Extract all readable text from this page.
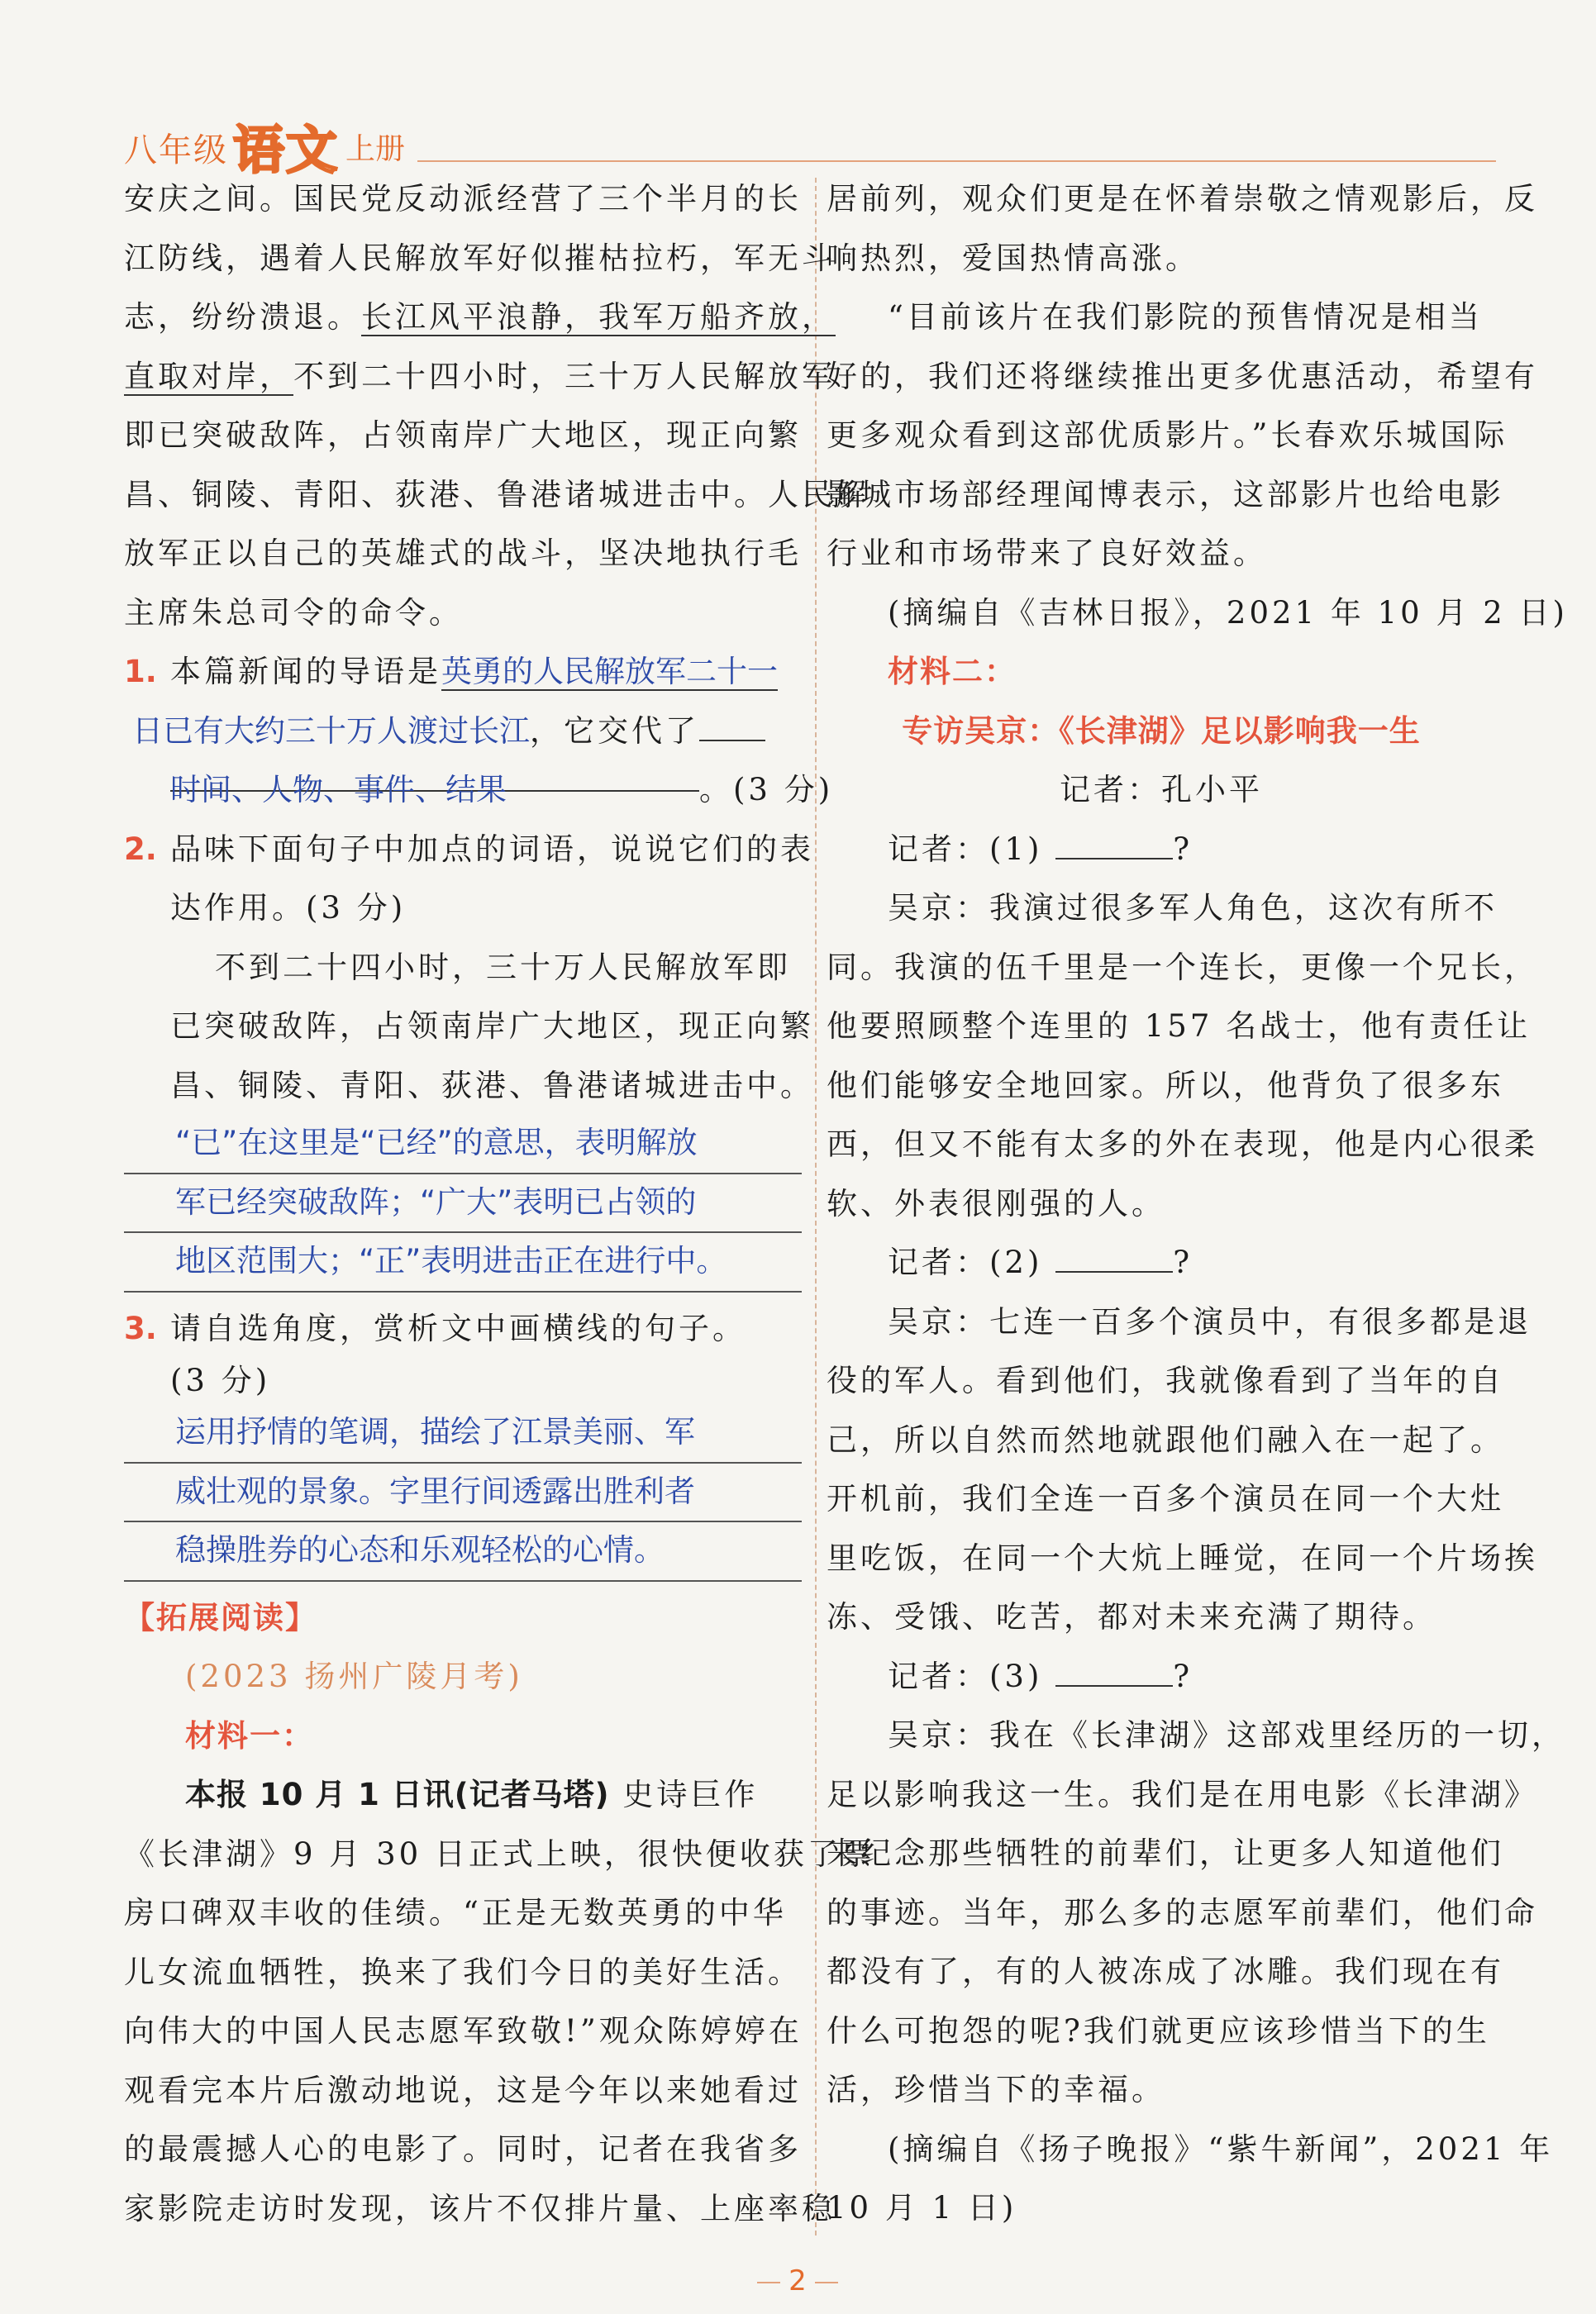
八年级 语文 上册
安庆之间。国民党反动派经营了三个半月的长
江防线，遇着人民解放军好似摧枯拉朽，军无斗
志，纷纷溃退。长江风平浪静，我军万船齐放，
直取对岸，不到二十四小时，三十万人民解放军
即已突破敌阵，占领南岸广大地区，现正向繁
昌、铜陵、青阳、荻港、鲁港诸城进击中。人民解
放军正以自己的英雄式的战斗，坚决地执行毛
主席朱总司令的命令。
1. 本篇新闻的导语是英勇的人民解放军二十一
日已有大约三十万人渡过长江，它交代了
时间、人物、事件、结果	。(3 分)
2. 品味下面句子中加点的词语，说说它们的表
达作用。(3 分)
不到二十四小时，三十万人民解放军即
已突破敌阵，占领南岸广大地区，现正向繁
昌、铜陵、青阳、荻港、鲁港诸城进击中。
“已”在这里是“已经”的意思，表明解放
军已经突破敌阵；“广大”表明已占领的
地区范围大；“正”表明进击正在进行中。
3. 请自选角度，赏析文中画横线的句子。
(3 分)
运用抒情的笔调，描绘了江景美丽、军
威壮观的景象。字里行间透露出胜利者
稳操胜券的心态和乐观轻松的心情。
【拓展阅读】
(2023 扬州广陵月考)
材料一：
本报 10 月 1 日讯(记者马塔) 史诗巨作
《长津湖》9 月 30 日正式上映，很快便收获了票
房口碑双丰收的佳绩。“正是无数英勇的中华
儿女流血牺牲，换来了我们今日的美好生活。
向伟大的中国人民志愿军致敬!”观众陈婷婷在
观看完本片后激动地说，这是今年以来她看过
的最震撼人心的电影了。同时，记者在我省多
家影院走访时发现，该片不仅排片量、上座率稳
居前列，观众们更是在怀着崇敬之情观影后，反
响热烈，爱国热情高涨。
“目前该片在我们影院的预售情况是相当
好的，我们还将继续推出更多优惠活动，希望有
更多观众看到这部优质影片。”长春欢乐城国际
影城市场部经理闻博表示，这部影片也给电影
行业和市场带来了良好效益。
(摘编自《吉林日报》，2021 年 10 月 2 日)
材料二：
专访吴京：《长津湖》足以影响我一生
记者：孔小平
记者：(1)	?
吴京：我演过很多军人角色，这次有所不
同。我演的伍千里是一个连长，更像一个兄长，
他要照顾整个连里的 157 名战士，他有责任让
他们能够安全地回家。所以，他背负了很多东
西，但又不能有太多的外在表现，他是内心很柔
软、外表很刚强的人。
记者：(2)	?
吴京：七连一百多个演员中，有很多都是退
役的军人。看到他们，我就像看到了当年的自
己，所以自然而然地就跟他们融入在一起了。
开机前，我们全连一百多个演员在同一个大灶
里吃饭，在同一个大炕上睡觉，在同一个片场挨
冻、受饿、吃苦，都对未来充满了期待。
记者：(3)	?
吴京：我在《长津湖》这部戏里经历的一切，
足以影响我这一生。我们是在用电影《长津湖》
来纪念那些牺牲的前辈们，让更多人知道他们
的事迹。当年，那么多的志愿军前辈们，他们命
都没有了，有的人被冻成了冰雕。我们现在有
什么可抱怨的呢?我们就更应该珍惜当下的生
活，珍惜当下的幸福。
(摘编自《扬子晚报》“紫牛新闻”，2021 年
10 月 1 日)
2
